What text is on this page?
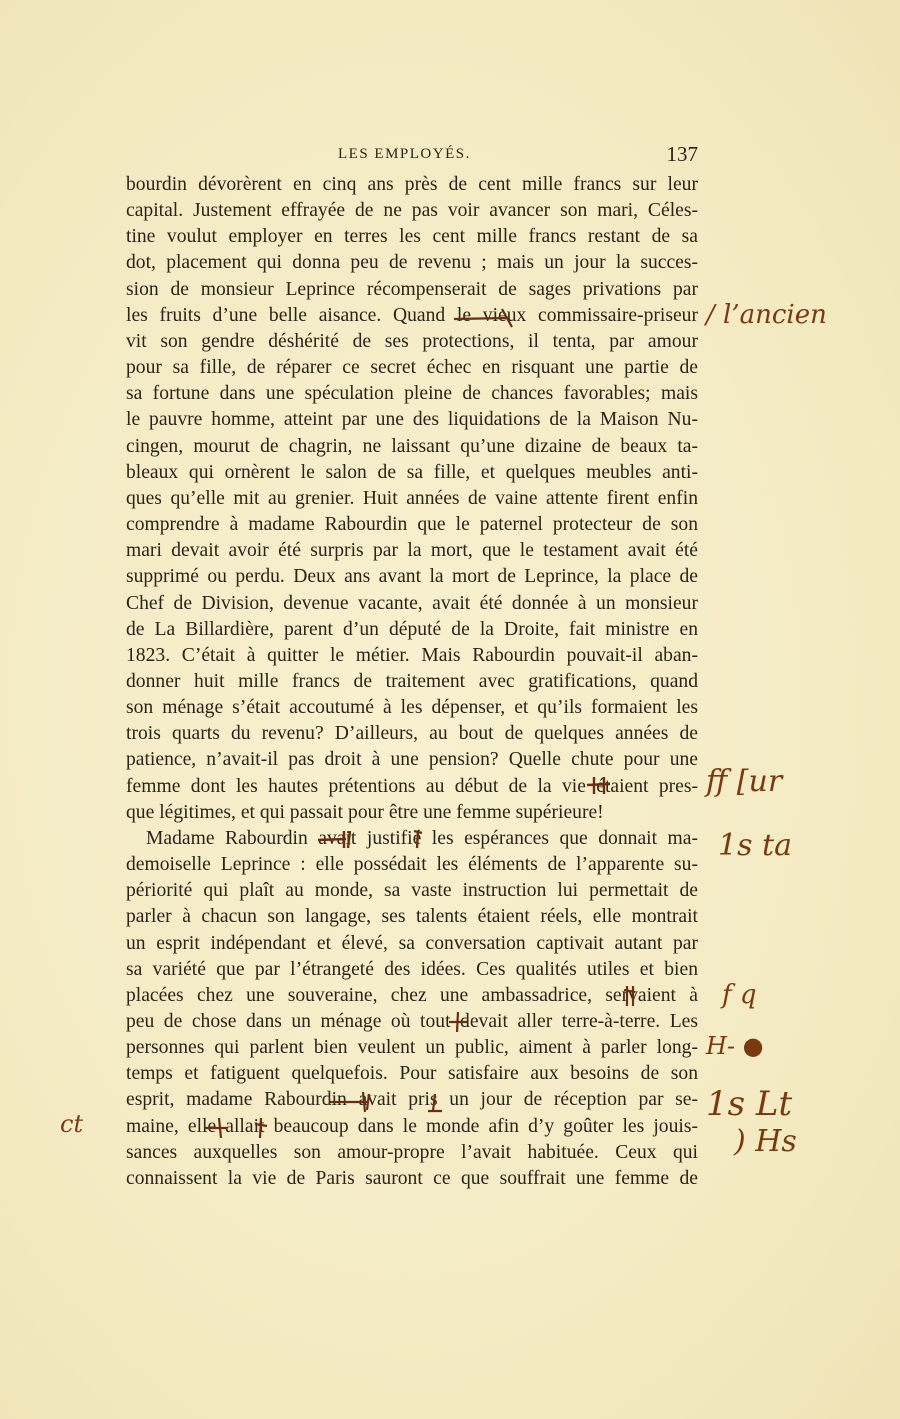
LES EMPLOYÉS.	137
bourdin dévorèrent en cinq ans près de cent mille francs sur leur
capital. Justement effrayée de ne pas voir avancer son mari, Céles-
tine voulut employer en terres les cent mille francs restant de sa
dot, placement qui donna peu de revenu ; mais un jour la succes-
sion de monsieur Leprince récompenserait de sages privations par
les fruits d’une belle aisance. Quand le vieux commissaire-priseur
vit son gendre déshérité de ses protections, il tenta, par amour
pour sa fille, de réparer ce secret échec en risquant une partie de
sa fortune dans une spéculation pleine de chances favorables; mais
le pauvre homme, atteint par une des liquidations de la Maison Nu-
cingen, mourut de chagrin, ne laissant qu’une dizaine de beaux ta-
bleaux qui ornèrent le salon de sa fille, et quelques meubles anti-
ques qu’elle mit au grenier. Huit années de vaine attente firent enfin
comprendre à madame Rabourdin que le paternel protecteur de son
mari devait avoir été surpris par la mort, que le testament avait été
supprimé ou perdu. Deux ans avant la mort de Leprince, la place de
Chef de Division, devenue vacante, avait été donnée à un monsieur
de La Billardière, parent d’un député de la Droite, fait ministre en
1823. C’était à quitter le métier. Mais Rabourdin pouvait-il aban-
donner huit mille francs de traitement avec gratifications, quand
son ménage s’était accoutumé à les dépenser, et qu’ils formaient les
trois quarts du revenu? D’ailleurs, au bout de quelques années de
patience, n’avait-il pas droit à une pension? Quelle chute pour une
femme dont les hautes prétentions au début de la vie étaient pres-
que légitimes, et qui passait pour être une femme supérieure!
Madame Rabourdin avait justifié les espérances que donnait ma-
demoiselle Leprince : elle possédait les éléments de l’apparente su-
périorité qui plaît au monde, sa vaste instruction lui permettait de
parler à chacun son langage, ses talents étaient réels, elle montrait
un esprit indépendant et élevé, sa conversation captivait autant par
sa variété que par l’étrangeté des idées. Ces qualités utiles et bien
placées chez une souveraine, chez une ambassadrice, servaient à
peu de chose dans un ménage où tout devait aller terre-à-terre. Les
personnes qui parlent bien veulent un public, aiment à parler long-
temps et fatiguent quelquefois. Pour satisfaire aux besoins de son
esprit, madame Rabourdin avait pris un jour de réception par se-
maine, elle allait beaucoup dans le monde afin d’y goûter les jouis-
sances auxquelles son amour-propre l’avait habituée. Ceux qui
connaissent la vie de Paris sauront ce que souffrait une femme de
/ l’ancien
ff [ur
1s ta
f q
H- ●
1s Lt
) Hs
ct
